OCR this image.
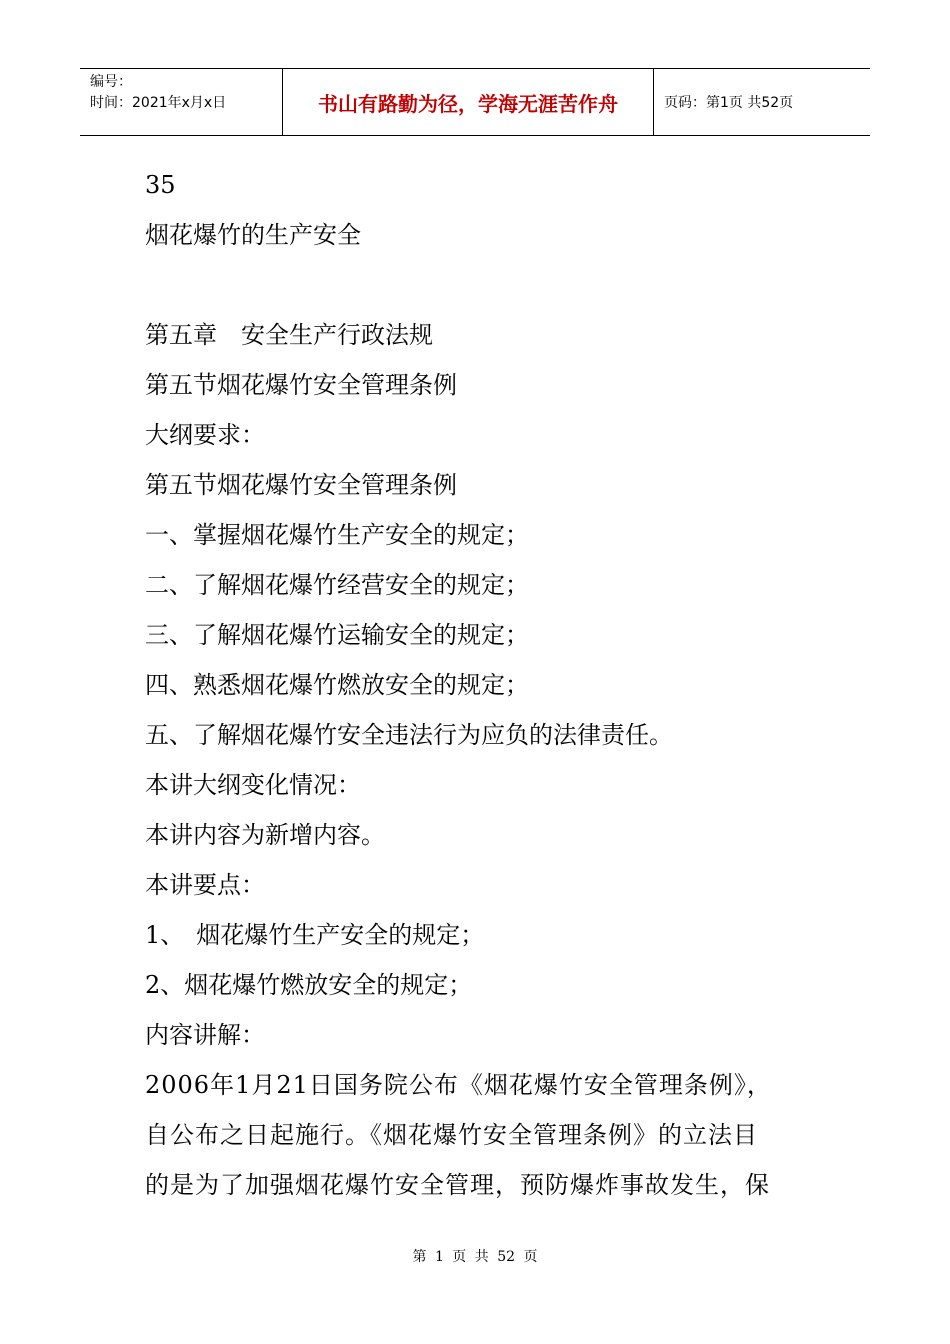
编号：
时间：2021年x月x日	书山有路勤为径，学海无涯苦作舟	页码：第1页 共52页
35
烟花爆竹的生产安全
第五章　安全生产行政法规
第五节烟花爆竹安全管理条例
大纲要求：
第五节烟花爆竹安全管理条例
一、掌握烟花爆竹生产安全的规定；
二、了解烟花爆竹经营安全的规定；
三、了解烟花爆竹运输安全的规定；
四、熟悉烟花爆竹燃放安全的规定；
五、了解烟花爆竹安全违法行为应负的法律责任。
本讲大纲变化情况：
本讲内容为新增内容。
本讲要点：
1、　烟花爆竹生产安全的规定；
2、烟花爆竹燃放安全的规定；
内容讲解：
2006年1月21日国务院公布《烟花爆竹安全管理条例》，
自公布之日起施行。《烟花爆竹安全管理条例》的立法目
的是为了加强烟花爆竹安全管理，预防爆炸事故发生，保
第 1 页 共 52 页
